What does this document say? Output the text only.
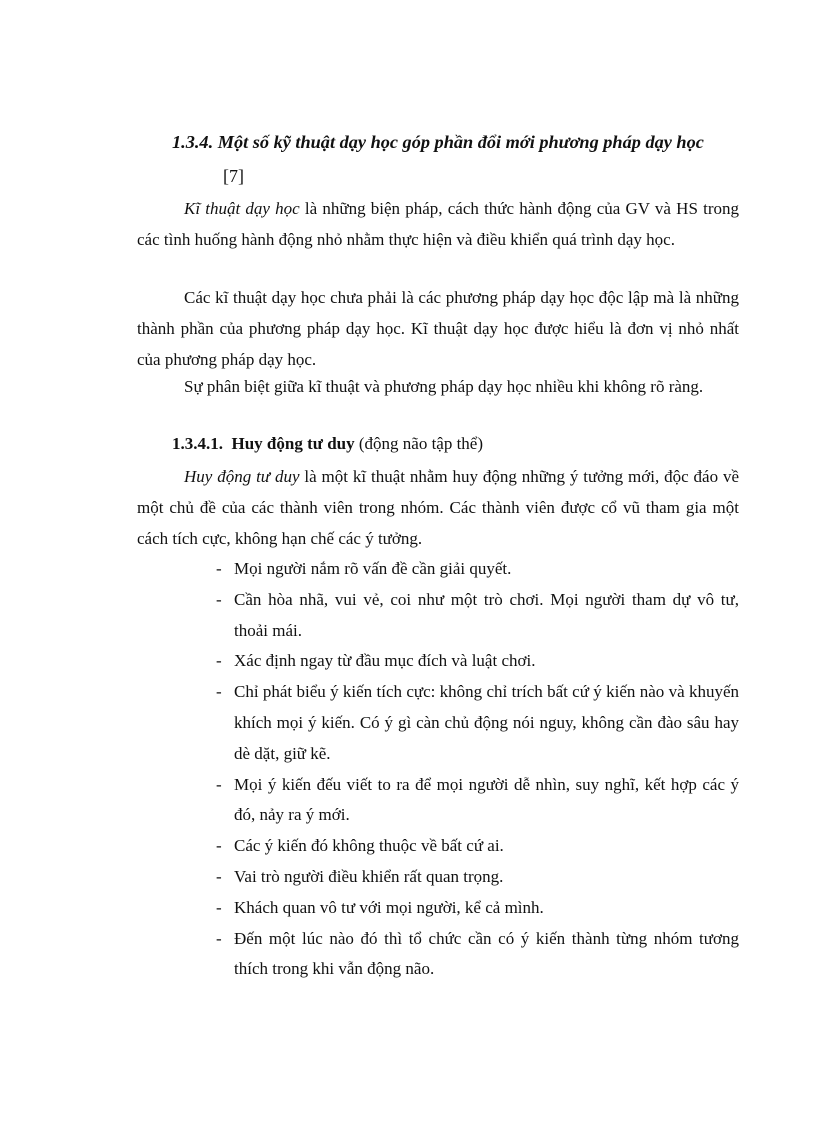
1.3.4. Một số kỹ thuật dạy học góp phần đổi mới phương pháp dạy học
[7]

Kĩ thuật dạy học là những biện pháp, cách thức hành động của GV và HS trong các tình huống hành động nhỏ nhằm thực hiện và điều khiển quá trình dạy học.

Các kĩ thuật dạy học chưa phải là các phương pháp dạy học độc lập mà là những thành phần của phương pháp dạy học. Kĩ thuật dạy học được hiểu là đơn vị nhỏ nhất của phương pháp dạy học.

Sự phân biệt giữa kĩ thuật và phương pháp dạy học nhiều khi không rõ ràng.

1.3.4.1. Huy động tư duy (động não tập thể)

Huy động tư duy là một kĩ thuật nhằm huy động những ý tưởng mới, độc đáo về một chủ đề của các thành viên trong nhóm. Các thành viên được cổ vũ tham gia một cách tích cực, không hạn chế các ý tưởng.

- Mọi người nắm rõ vấn đề cần giải quyết.
- Cần hòa nhã, vui vẻ, coi như một trò chơi. Mọi người tham dự vô tư, thoải mái.
- Xác định ngay từ đầu mục đích và luật chơi.
- Chỉ phát biểu ý kiến tích cực: không chỉ trích bất cứ ý kiến nào và khuyến khích mọi ý kiến. Có ý gì càn chủ động nói nguy, không cần đào sâu hay dè dặt, giữ kẽ.
- Mọi ý kiến đếu viết to ra để mọi người dễ nhìn, suy nghĩ, kết hợp các ý đó, nảy ra ý mới.
- Các ý kiến đó không thuộc về bất cứ ai.
- Vai trò người điều khiển rất quan trọng.
- Khách quan vô tư với mọi người, kể cả mình.
- Đến một lúc nào đó thì tổ chức cần có ý kiến thành từng nhóm tương thích trong khi vẫn động não.
